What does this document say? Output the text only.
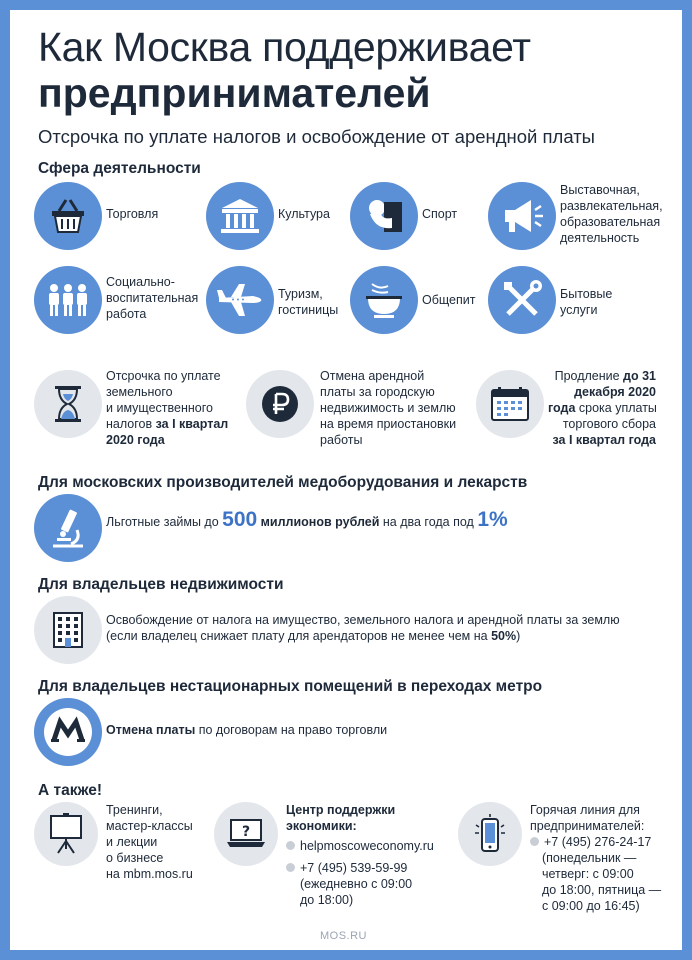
Как Москва поддерживает
предпринимателей
Отсрочка по уплате налогов и освобождение от арендной платы
Сфера деятельности
Торговля	Культура	Спорт
Выставочная,
развлекательная,
образовательная
деятельность
Социально-
воспитательная
работа
Туризм,
гостиницы
Общепит	Бытовые
услуги
Отсрочка по уплате
земельного
и имущественного
налогов за I квартал
2020 года
Отмена арендной
платы за городскую
недвижимость и землю
на время приостановки
работы
Продление до 31
декабря 2020
года срока уплаты
торгового сбора
за I квартал года
Для московских производителей медоборудования и лекарств
Льготные займы до 500 миллионов рублей на два года под 1%
Для владельцев недвижимости
Освобождение от налога на имущество, земельного налога и арендной платы за землю
(если владелец снижает плату для арендаторов не менее чем на 50%)
Для владельцев нестационарных помещений в переходах метро
Отмена платы по договорам на право торговли
А также!
Тренинги,
мастер-классы
и лекции
о бизнесе
на mbm.mos.ru
?
Центр поддержки
экономики:
helpmoscoweconomy.ru
+7 (495) 539-59-99
(ежедневно с 09:00
до 18:00)
Горячая линия для
предпринимателей:
+7 (495) 276-24-17
(понедельник —
четверг: с 09:00
до 18:00, пятница —
с 09:00 до 16:45)
MOS.RU
